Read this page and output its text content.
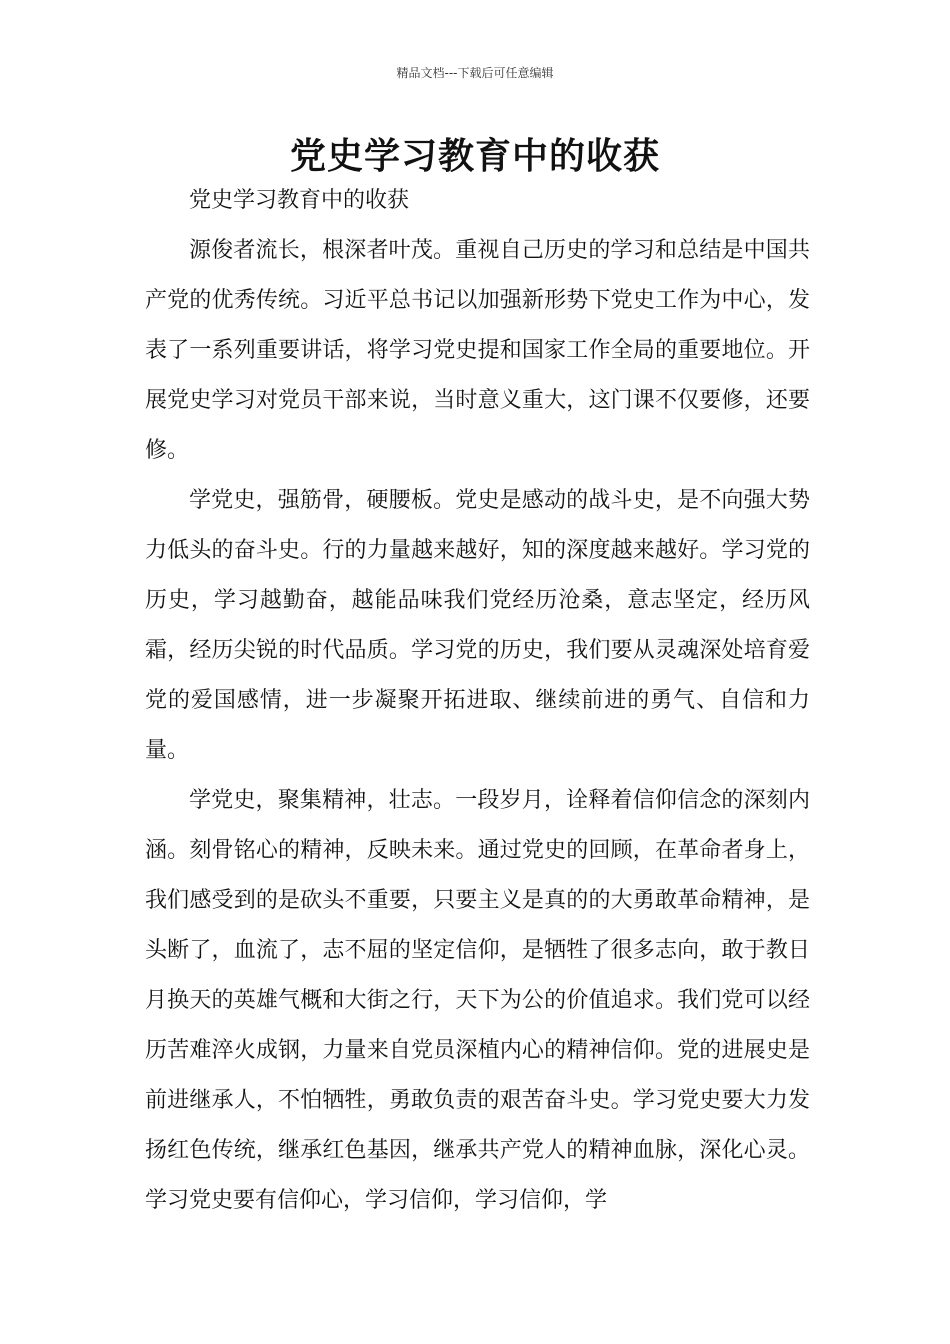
精品文档---下载后可任意编辑
党史学习教育中的收获

党史学习教育中的收获

源俊者流长，根深者叶茂。重视自己历史的学习和总结是中国共产党的优秀传统。习近平总书记以加强新形势下党史工作为中心，发表了一系列重要讲话，将学习党史提和国家工作全局的重要地位。开展党史学习对党员干部来说，当时意义重大，这门课不仅要修，还要修。

学党史，强筋骨，硬腰板。党史是感动的战斗史，是不向强大势力低头的奋斗史。行的力量越来越好，知的深度越来越好。学习党的历史，学习越勤奋，越能品味我们党经历沧桑，意志坚定，经历风霜，经历尖锐的时代品质。学习党的历史，我们要从灵魂深处培育爱党的爱国感情，进一步凝聚开拓进取、继续前进的勇气、自信和力量。

学党史，聚集精神，壮志。一段岁月，诠释着信仰信念的深刻内涵。刻骨铭心的精神，反映未来。通过党史的回顾，在革命者身上，我们感受到的是砍头不重要，只要主义是真的的大勇敢革命精神，是头断了，血流了，志不屈的坚定信仰，是牺牲了很多志向，敢于教日月换天的英雄气概和大街之行，天下为公的价值追求。我们党可以经历苦难淬火成钢，力量来自党员深植内心的精神信仰。党的进展史是前进继承人，不怕牺牲，勇敢负责的艰苦奋斗史。学习党史要大力发扬红色传统，继承红色基因，继承共产党人的精神血脉，深化心灵。学习党史要有信仰心，学习信仰，学习信仰，学
